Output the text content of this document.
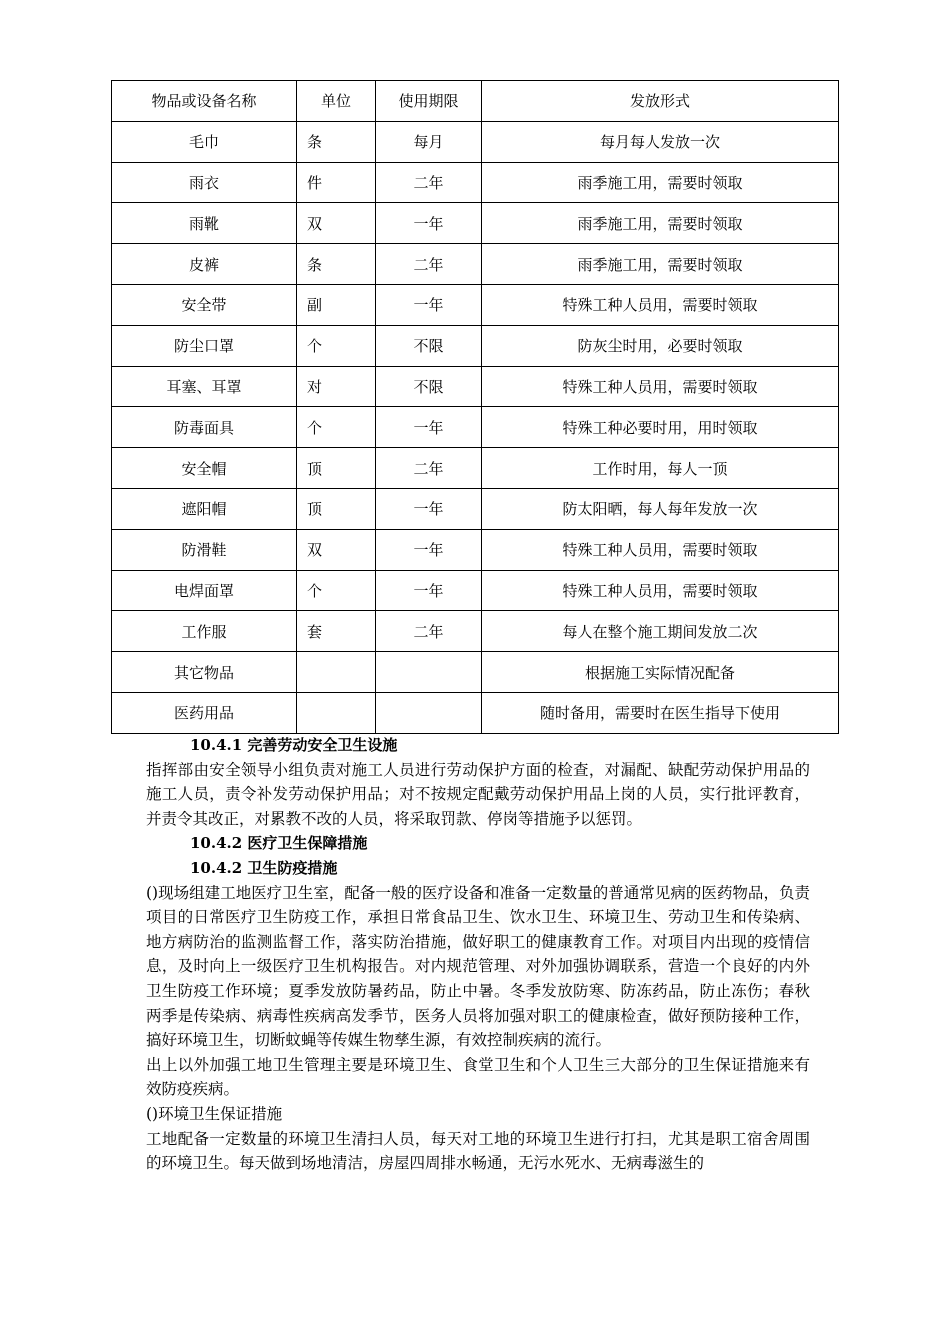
物品或设备名称	单位	使用期限	发放形式
毛巾	条	每月	每月每人发放一次
雨衣	件	二年	雨季施工用，需要时领取
雨靴	双	一年	雨季施工用，需要时领取
皮裤	条	二年	雨季施工用，需要时领取
安全带	副	一年	特殊工种人员用，需要时领取
防尘口罩	个	不限	防灰尘时用，必要时领取
耳塞、耳罩	对	不限	特殊工种人员用，需要时领取
防毒面具	个	一年	特殊工种必要时用，用时领取
安全帽	顶	二年	工作时用，每人一顶
遮阳帽	顶	一年	防太阳晒，每人每年发放一次
防滑鞋	双	一年	特殊工种人员用，需要时领取
电焊面罩	个	一年	特殊工种人员用，需要时领取
工作服	套	二年	每人在整个施工期间发放二次
其它物品			根据施工实际情况配备
医药用品			随时备用，需要时在医生指导下使用

10.4.1 完善劳动安全卫生设施

指挥部由安全领导小组负责对施工人员进行劳动保护方面的检查，对漏配、缺配劳动保护用品的施工人员，责令补发劳动保护用品；对不按规定配戴劳动保护用品上岗的人员，实行批评教育，并责令其改正，对累教不改的人员，将采取罚款、停岗等措施予以惩罚。

10.4.2 医疗卫生保障措施

10.4.2 卫生防疫措施

()现场组建工地医疗卫生室，配备一般的医疗设备和准备一定数量的普通常见病的医药物品，负责项目的日常医疗卫生防疫工作，承担日常食品卫生、饮水卫生、环境卫生、劳动卫生和传染病、地方病防治的监测监督工作，落实防治措施，做好职工的健康教育工作。对项目内出现的疫情信息，及时向上一级医疗卫生机构报告。对内规范管理、对外加强协调联系，营造一个良好的内外卫生防疫工作环境；夏季发放防暑药品，防止中暑。冬季发放防寒、防冻药品，防止冻伤；春秋两季是传染病、病毒性疾病高发季节，医务人员将加强对职工的健康检查，做好预防接种工作，搞好环境卫生，切断蚊蝇等传媒生物孳生源，有效控制疾病的流行。

出上以外加强工地卫生管理主要是环境卫生、食堂卫生和个人卫生三大部分的卫生保证措施来有效防疫疾病。

()环境卫生保证措施

工地配备一定数量的环境卫生清扫人员，每天对工地的环境卫生进行打扫，尤其是职工宿舍周围的环境卫生。每天做到场地清洁，房屋四周排水畅通，无污水死水、无病毒滋生的
